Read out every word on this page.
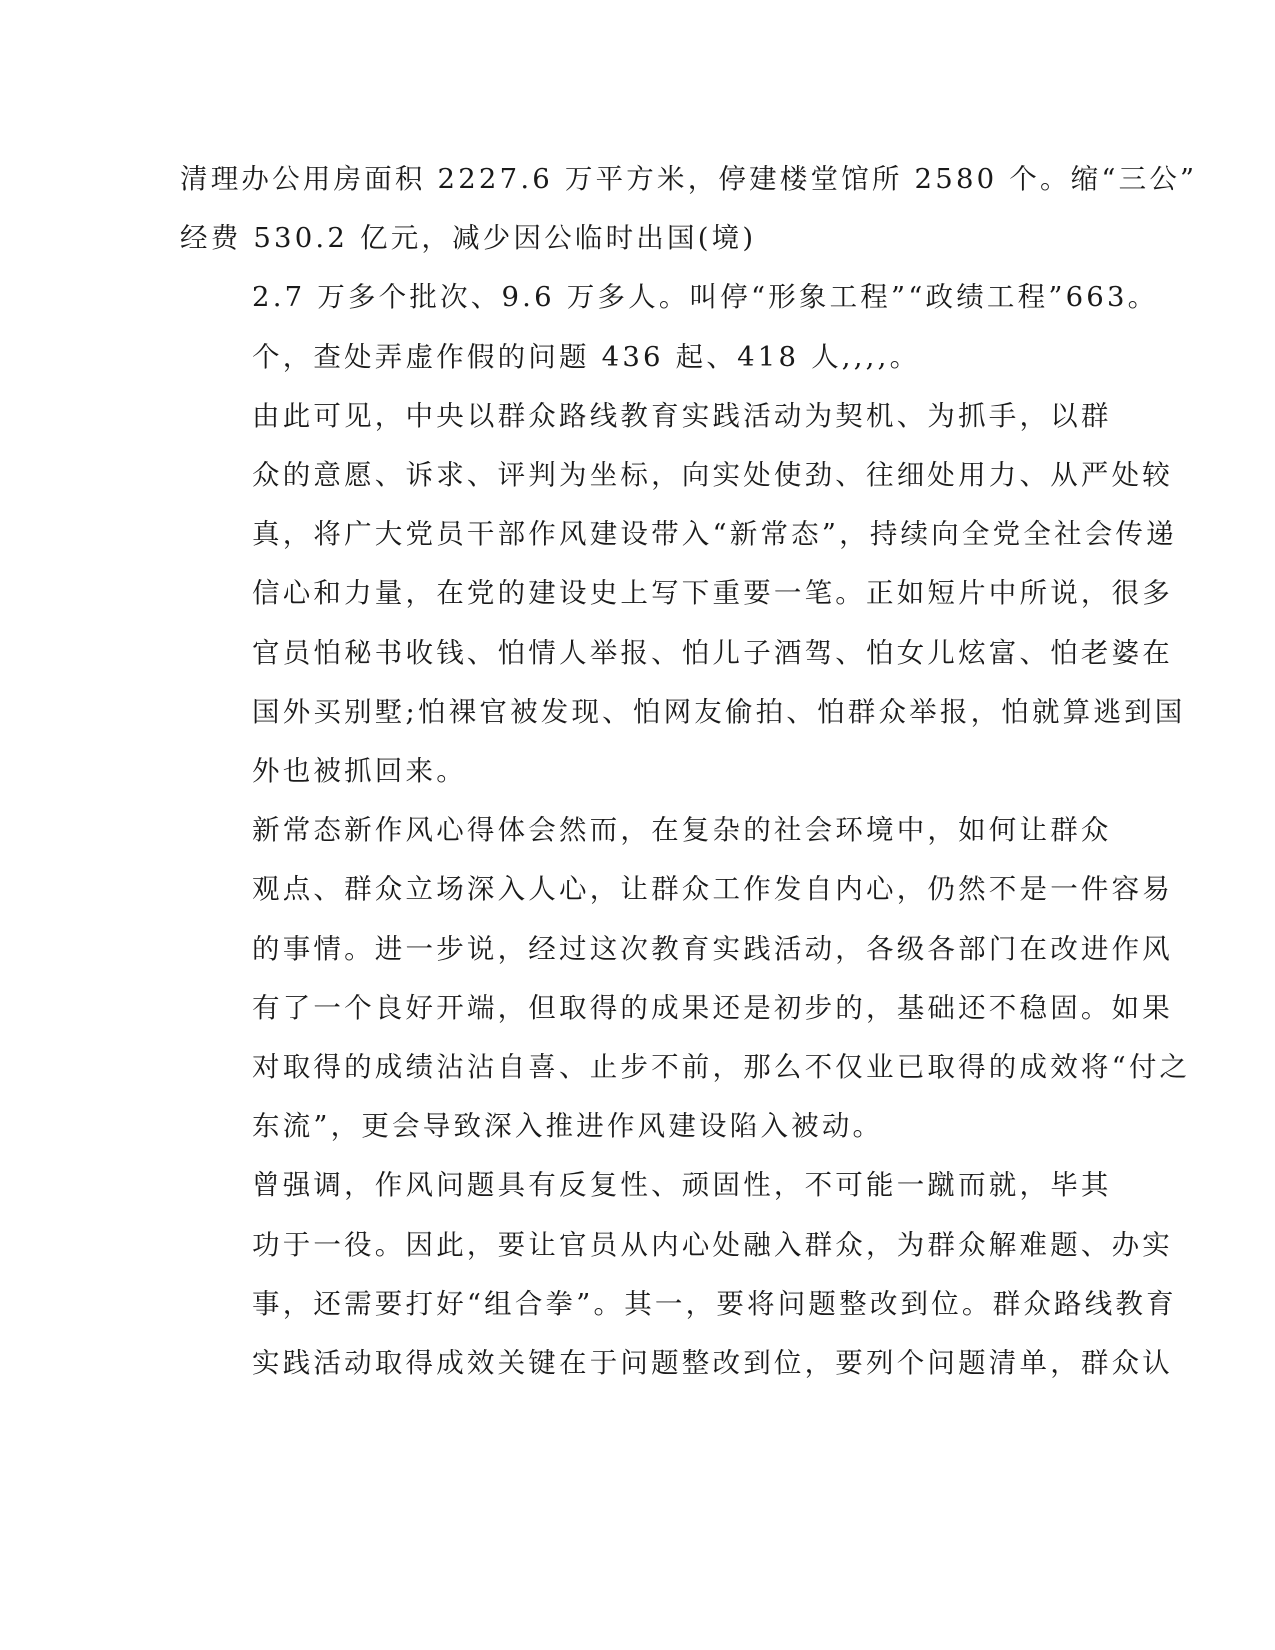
清理办公用房面积 2227.6 万平方米，停建楼堂馆所 2580 个。缩“三公”
经费 530.2 亿元，减少因公临时出国(境)

2.7 万多个批次、9.6 万多人。叫停“形象工程”“政绩工程”663。

个，查处弄虚作假的问题 436 起、418 人,,,,。

由此可见，中央以群众路线教育实践活动为契机、为抓手，以群
众的意愿、诉求、评判为坐标，向实处使劲、往细处用力、从严处较
真，将广大党员干部作风建设带入“新常态”，持续向全党全社会传递
信心和力量，在党的建设史上写下重要一笔。正如短片中所说，很多
官员怕秘书收钱、怕情人举报、怕儿子酒驾、怕女儿炫富、怕老婆在
国外买别墅;怕裸官被发现、怕网友偷拍、怕群众举报，怕就算逃到国
外也被抓回来。

新常态新作风心得体会然而，在复杂的社会环境中，如何让群众
观点、群众立场深入人心，让群众工作发自内心，仍然不是一件容易
的事情。进一步说，经过这次教育实践活动，各级各部门在改进作风
有了一个良好开端，但取得的成果还是初步的，基础还不稳固。如果
对取得的成绩沾沾自喜、止步不前，那么不仅业已取得的成效将“付之
东流”，更会导致深入推进作风建设陷入被动。

曾强调，作风问题具有反复性、顽固性，不可能一蹴而就，毕其
功于一役。因此，要让官员从内心处融入群众，为群众解难题、办实
事，还需要打好“组合拳”。其一，要将问题整改到位。群众路线教育
实践活动取得成效关键在于问题整改到位，要列个问题清单，群众认
